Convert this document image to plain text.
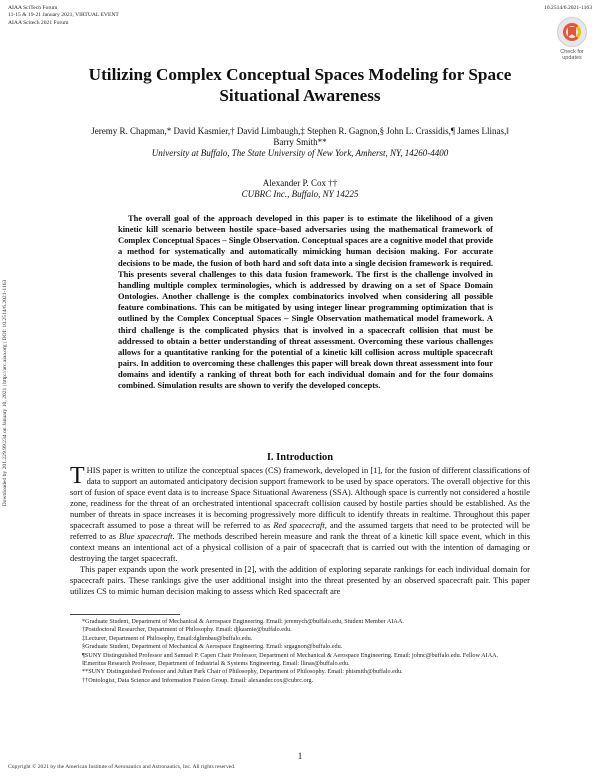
AIAA SciTech Forum
11-15 & 19-21 January 2021, VIRTUAL EVENT
AIAA Scitech 2021 Forum
10.2514/6.2021-1163
Check for
updates
Downloaded by 201.229.99.234 on January 10, 2021 | http://arc.aiaa.org | DOI: 10.2514/6.2021-1163
Utilizing Complex Conceptual Spaces Modeling for Space Situational Awareness
Jeremy R. Chapman,* David Kasmier,† David Limbaugh,‡ Stephen R. Gagnon,§ John L. Crassidis,¶ James Llinas,‖
Barry Smith**
University at Buffalo, The State University of New York, Amherst, NY, 14260-4400
Alexander P. Cox ††
CUBRC Inc., Buffalo, NY 14225

The overall goal of the approach developed in this paper is to estimate the likelihood of a given kinetic kill scenario between hostile space–based adversaries using the mathematical framework of Complex Conceptual Spaces – Single Observation. Conceptual spaces are a cognitive model that provide a method for systematically and automatically mimicking human decision making. For accurate decisions to be made, the fusion of both hard and soft data into a single decision framework is required. This presents several challenges to this data fusion framework. The first is the challenge involved in handling multiple complex terminologies, which is addressed by drawing on a set of Space Domain Ontologies. Another challenge is the complex combinatorics involved when considering all possible feature combinations. This can be mitigated by using integer linear programming optimization that is outlined by the Complex Conceptual Spaces – Single Observation mathematical model framework. A third challenge is the complicated physics that is involved in a spacecraft collision that must be addressed to obtain a better understanding of threat assessment. Overcoming these various challenges allows for a quantitative ranking for the potential of a kinetic kill collision across multiple spacecraft pairs. In addition to overcoming these challenges this paper will break down threat assessment into four domains and identify a ranking of threat both for each individual domain and for the four domains combined. Simulation results are shown to verify the developed concepts.

I. Introduction

THIS paper is written to utilize the conceptual spaces (CS) framework, developed in [1], for the fusion of different classifications of data to support an automated anticipatory decision support framework to be used by space operators. The overall objective for this sort of fusion of space event data is to increase Space Situational Awareness (SSA). Although space is currently not considered a hostile zone, readiness for the threat of an orchestrated intentional spacecraft collision caused by hostile parties should be established. As the number of threats in space increases it is becoming progressively more difficult to identify threats in realtime. Throughout this paper spacecraft assumed to pose a threat will be referred to as Red spacecraft, and the assumed targets that need to be protected will be referred to as Blue spacecraft. The methods described herein measure and rank the threat of a kinetic kill space event, which in this context means an intentional act of a physical collision of a pair of spacecraft that is carried out with the intention of damaging or destroying the target spacecraft.

This paper expands upon the work presented in [2], with the addition of exploring separate rankings for each individual domain for spacecraft pairs. These rankings give the user additional insight into the threat presented by an observed spacecraft pair. This paper utilizes CS to mimic human decision making to assess which Red spacecraft are

*Graduate Student, Department of Mechanical & Aerospace Engineering. Email: jeremych@buffalo.edu, Student Member AIAA.
†Postdoctoral Researcher, Department of Philosophy. Email: djkasmie@buffalo.edu.
‡Lecturer, Department of Philosophy, Email:dglimbau@buffalo.edu.
§Graduate Student, Department of Mechanical & Aerospace Engineering. Email: srgagnon@buffalo.edu.
¶SUNY Distinguished Professor and Samuel P. Capen Chair Professor, Department of Mechanical & Aerospace Engineering. Email: johnc@buffalo.edu. Fellow AIAA.
‖Emeritus Research Professor, Department of Industrial & Systems Engineering. Email: llinas@buffalo.edu.
**SUNY Distinguished Professor and Julian Park Chair of Philosophy, Department of Philosophy. Email: phismith@buffalo.edu.
††Ontologist, Data Science and Information Fusion Group. Email: alexander.cox@cubrc.org.
1
Copyright © 2021 by the American Institute of Aeronautics and Astronautics, Inc. All rights reserved.
